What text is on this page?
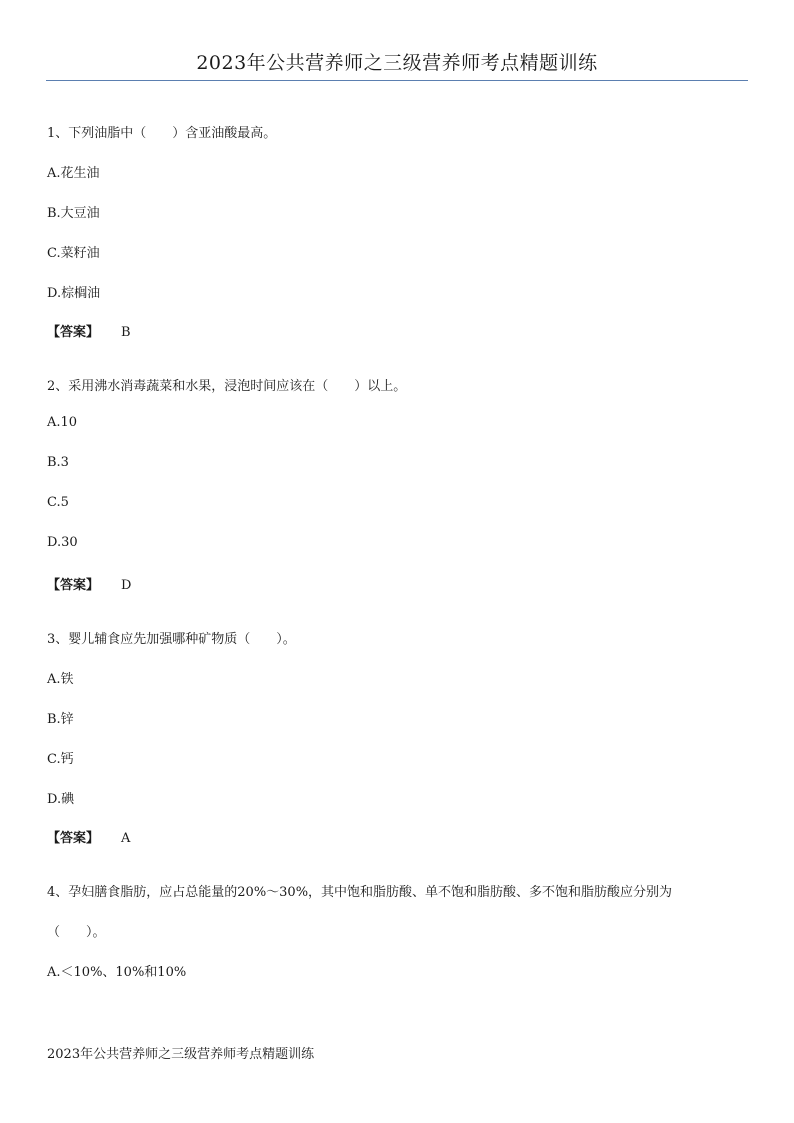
2023年公共营养师之三级营养师考点精题训练
1、下列油脂中（　　）含亚油酸最高。
A.花生油
B.大豆油
C.菜籽油
D.棕榈油
【答案】 B
2、采用沸水消毒蔬菜和水果，浸泡时间应该在（　　）以上。
A.10
B.3
C.5
D.30
【答案】 D
3、婴儿辅食应先加强哪种矿物质（　　）。
A.铁
B.锌
C.钙
D.碘
【答案】 A
4、孕妇膳食脂肪，应占总能量的20%～30%，其中饱和脂肪酸、单不饱和脂肪酸、多不饱和脂肪酸应分别为
（　　）。
A.＜10%、10%和10%
2023年公共营养师之三级营养师考点精题训练
